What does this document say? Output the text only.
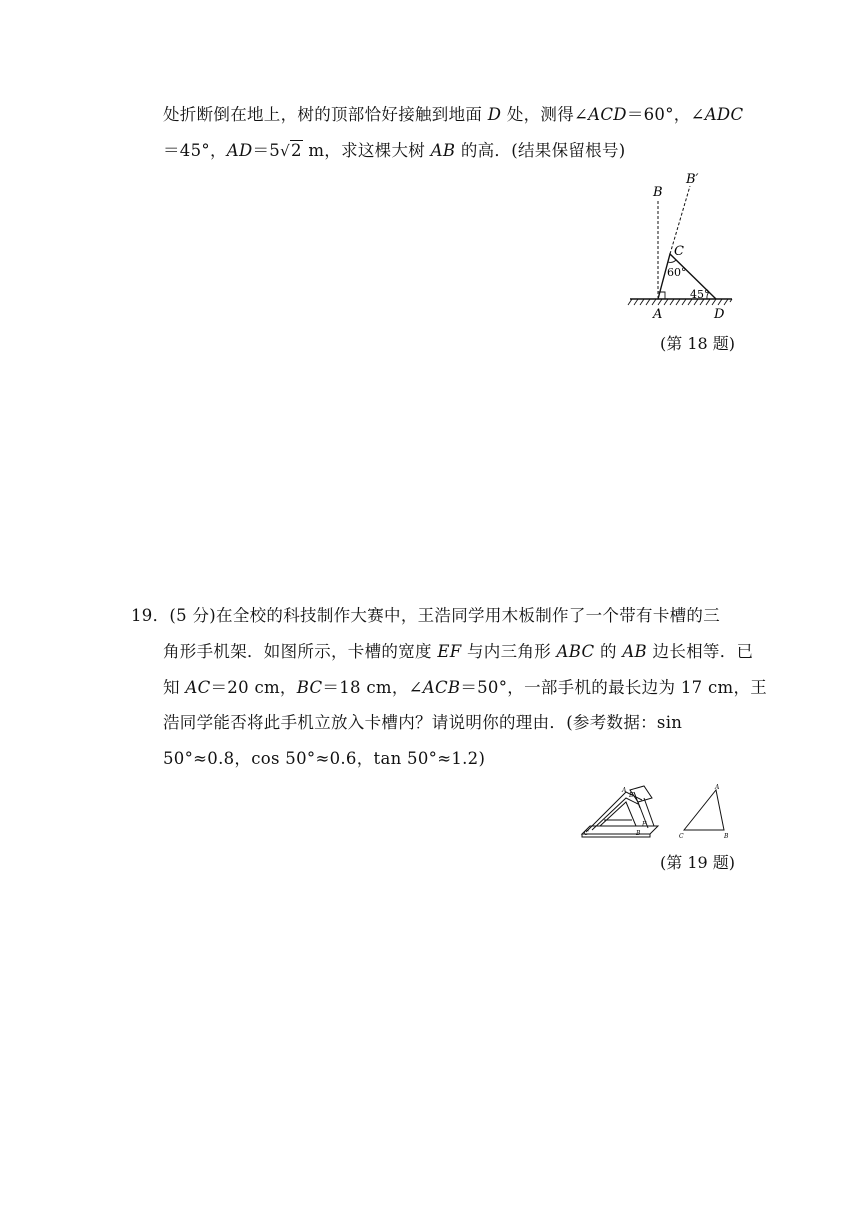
处折断倒在地上，树的顶部恰好接触到地面 D 处，测得∠ACD＝60°，∠ADC
＝45°，AD＝5√2 m，求这棵大树 AB 的高．(结果保留根号)
B
B′
C
60°
45°
A	D
(第 18 题)
19．(5 分)在全校的科技制作大赛中，王浩同学用木板制作了一个带有卡槽的三
角形手机架．如图所示，卡槽的宽度 EF 与内三角形 ABC 的 AB 边长相等．已
知 AC＝20 cm，BC＝18 cm，∠ACB＝50°，一部手机的最长边为 17 cm，王
浩同学能否将此手机立放入卡槽内？请说明你的理由．(参考数据：sin
50°≈0.8，cos 50°≈0.6，tan 50°≈1.2)
A
E
F
C	B
A
C	B
(第 19 题)
